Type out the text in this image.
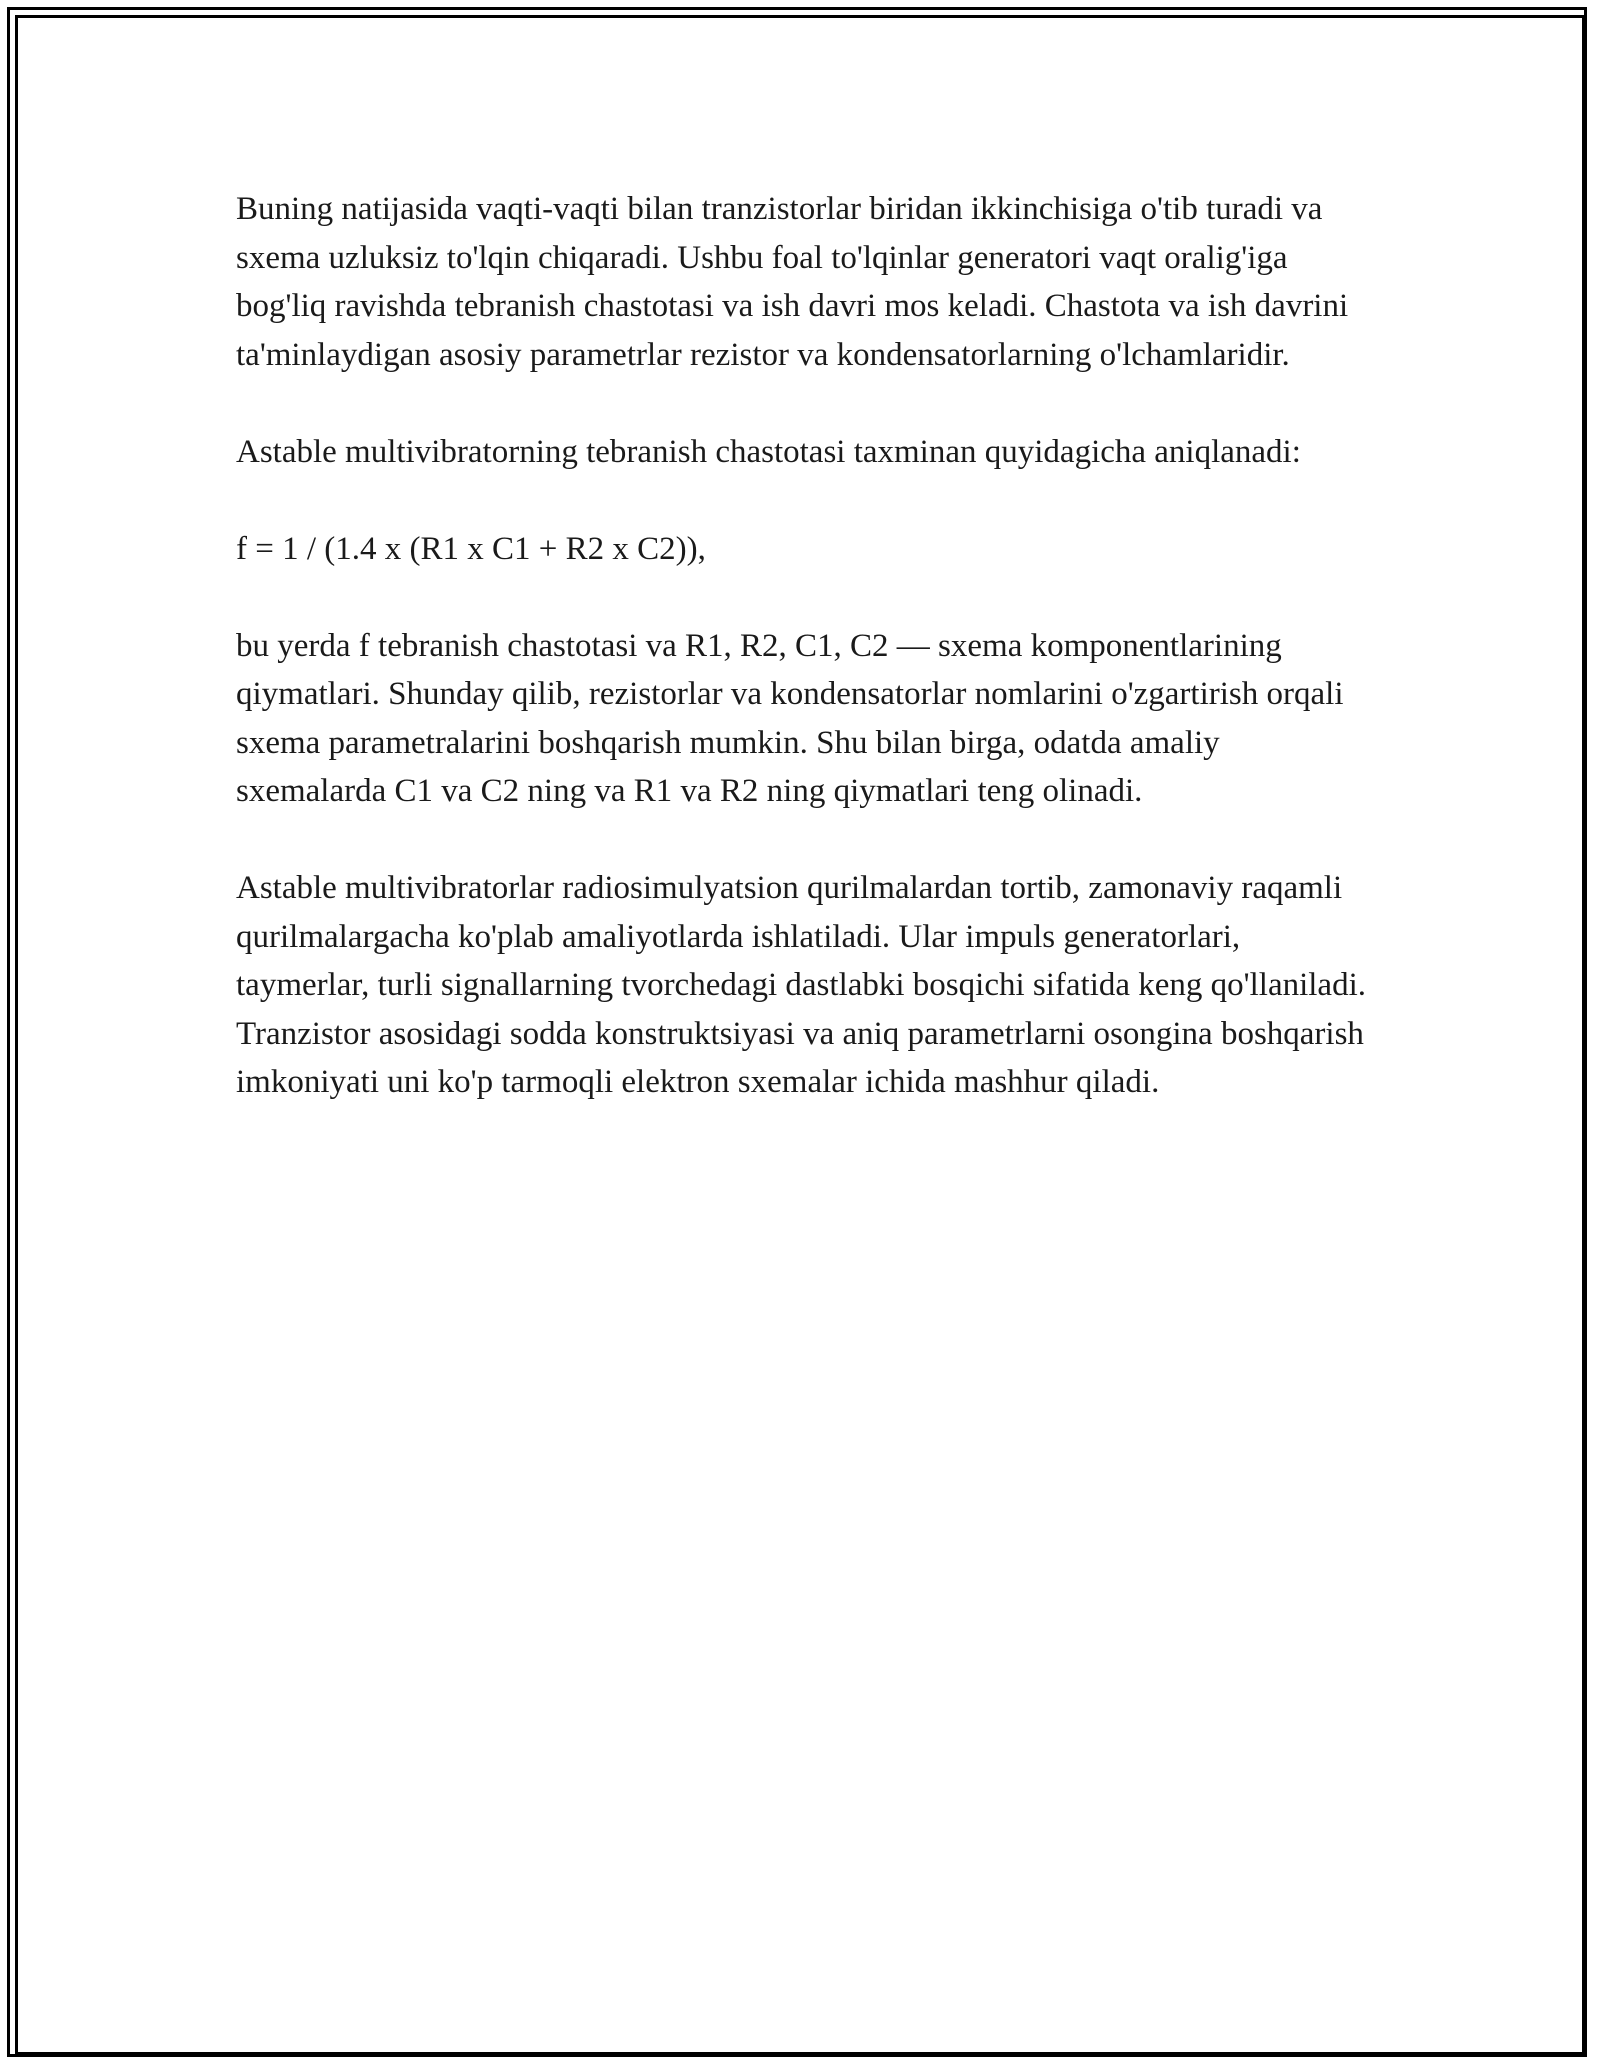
Buning natijasida vaqti-vaqti bilan tranzistorlar biridan ikkinchisiga o'tib turadi va sxema uzluksiz to'lqin chiqaradi. Ushbu foal to'lqinlar generatori vaqt oralig'iga bog'liq ravishda tebranish chastotasi va ish davri mos keladi. Chastota va ish davrini ta'minlaydigan asosiy parametrlar rezistor va kondensatorlarning o'lchamlaridir.

Astable multivibratorning tebranish chastotasi taxminan quyidagicha aniqlanadi:

f = 1 / (1.4 x (R1 x C1 + R2 x C2)),

bu yerda f tebranish chastotasi va R1, R2, C1, C2 — sxema komponentlarining qiymatlari. Shunday qilib, rezistorlar va kondensatorlar nomlarini o'zgartirish orqali sxema parametralarini boshqarish mumkin. Shu bilan birga, odatda amaliy sxemalarda C1 va C2 ning va R1 va R2 ning qiymatlari teng olinadi.

Astable multivibratorlar radiosimulyatsion qurilmalardan tortib, zamonaviy raqamli qurilmalargacha ko'plab amaliyotlarda ishlatiladi. Ular impuls generatorlari, taymerlar, turli signallarning tvorchedagi dastlabki bosqichi sifatida keng qo'llaniladi. Tranzistor asosidagi sodda konstruktsiyasi va aniq parametrlarni osongina boshqarish imkoniyati uni ko'p tarmoqli elektron sxemalar ichida mashhur qiladi.
